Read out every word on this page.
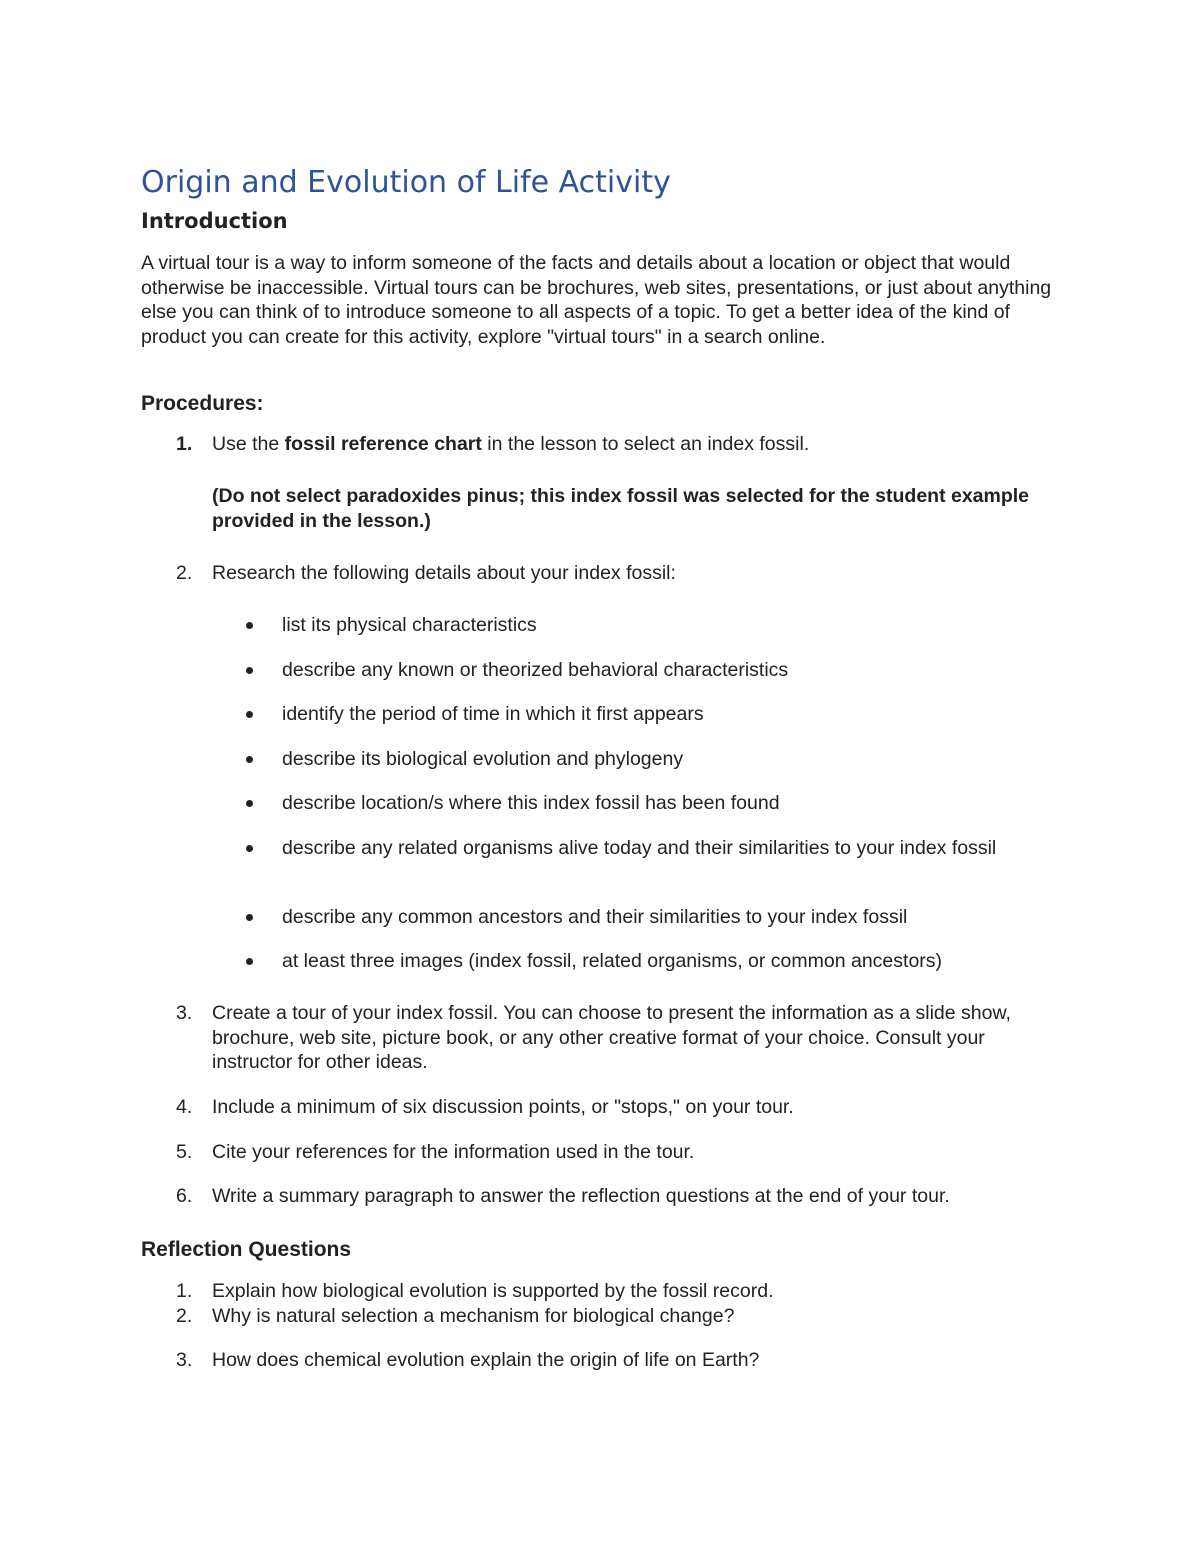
Origin and Evolution of Life Activity
Introduction

A virtual tour is a way to inform someone of the facts and details about a location or object that would otherwise be inaccessible. Virtual tours can be brochures, web sites, presentations, or just about anything else you can think of to introduce someone to all aspects of a topic. To get a better idea of the kind of product you can create for this activity, explore "virtual tours" in a search online.

Procedures:
1. Use the fossil reference chart in the lesson to select an index fossil.
(Do not select paradoxides pinus; this index fossil was selected for the student example provided in the lesson.)
2. Research the following details about your index fossil:
list its physical characteristics
describe any known or theorized behavioral characteristics
identify the period of time in which it first appears
describe its biological evolution and phylogeny
describe location/s where this index fossil has been found
describe any related organisms alive today and their similarities to your index fossil
describe any common ancestors and their similarities to your index fossil
at least three images (index fossil, related organisms, or common ancestors)
3. Create a tour of your index fossil. You can choose to present the information as a slide show, brochure, web site, picture book, or any other creative format of your choice. Consult your instructor for other ideas.
4. Include a minimum of six discussion points, or "stops," on your tour.
5. Cite your references for the information used in the tour.
6. Write a summary paragraph to answer the reflection questions at the end of your tour.
Reflection Questions
1. Explain how biological evolution is supported by the fossil record.
2. Why is natural selection a mechanism for biological change?
3. How does chemical evolution explain the origin of life on Earth?
